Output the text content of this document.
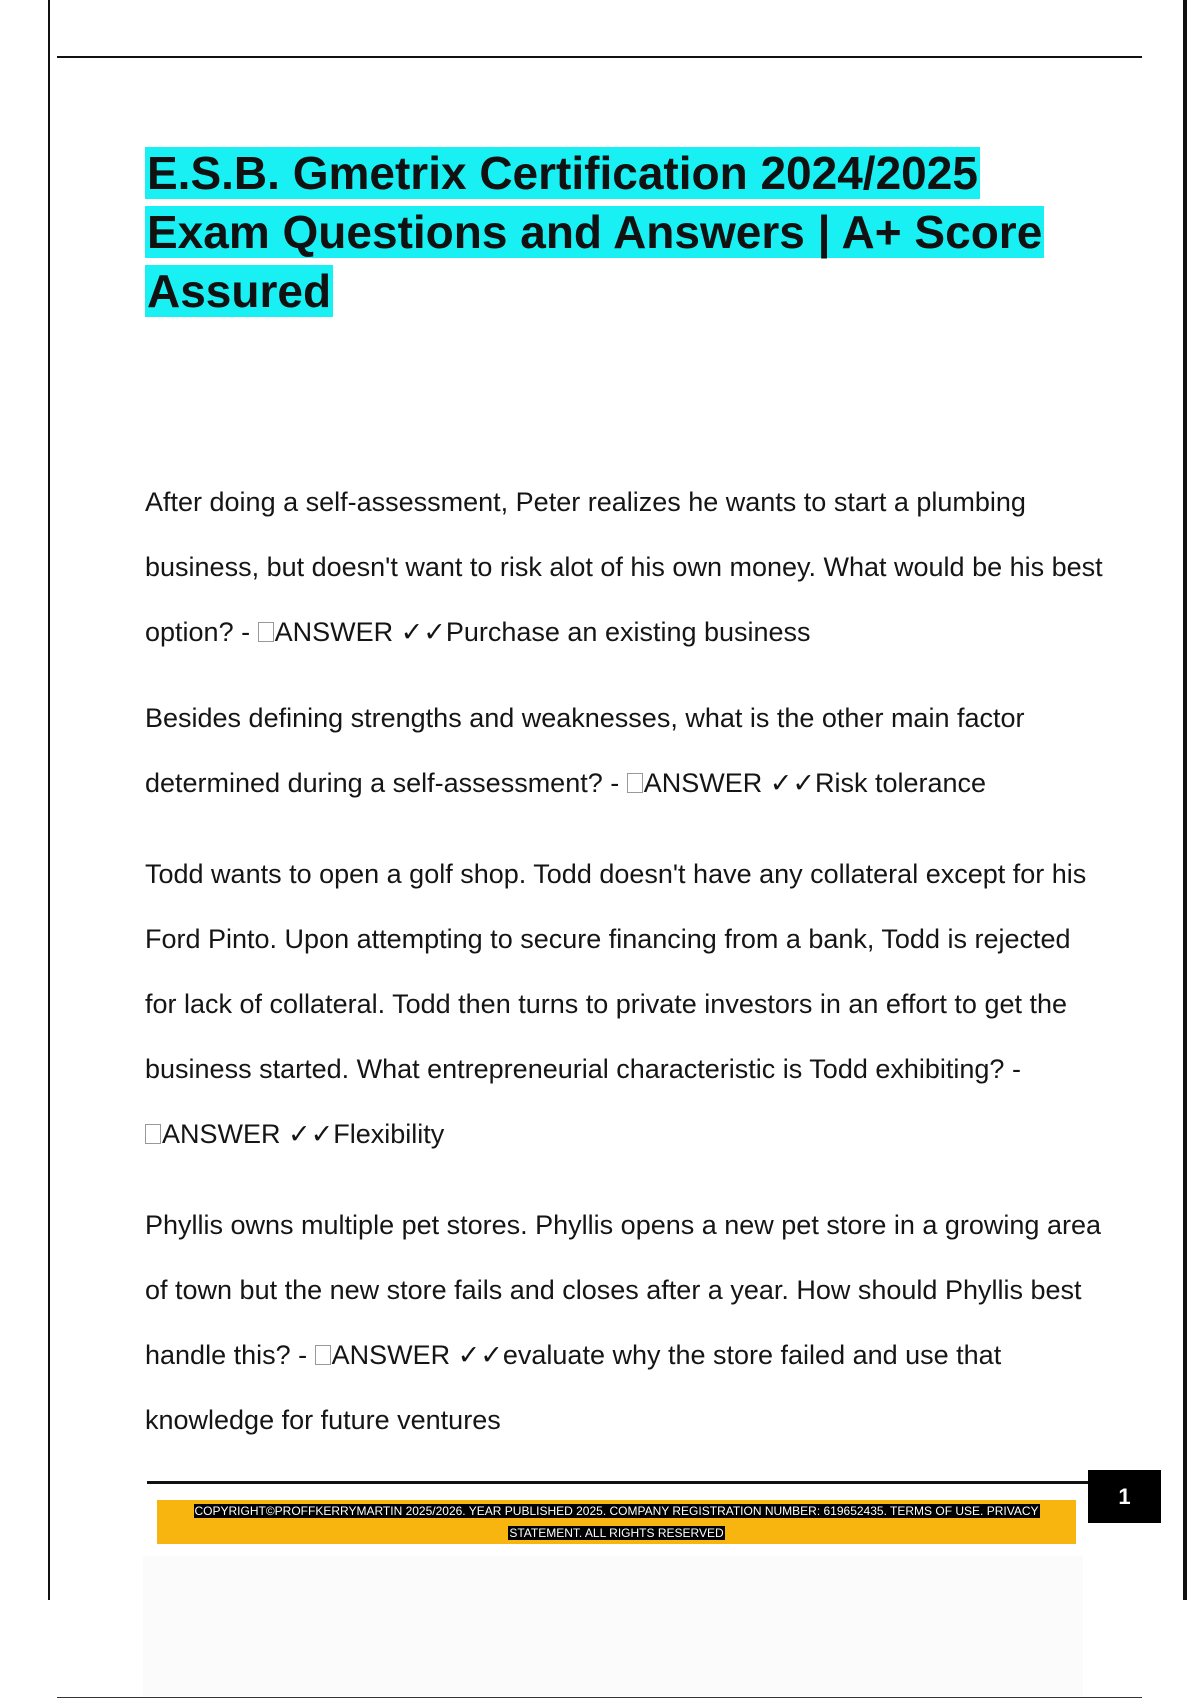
E.S.B. Gmetrix Certification 2024/2025 Exam Questions and Answers | A+ Score Assured

After doing a self-assessment, Peter realizes he wants to start a plumbing business, but doesn't want to risk alot of his own money. What would be his best option? - ANSWER ✓✓Purchase an existing business

Besides defining strengths and weaknesses, what is the other main factor determined during a self-assessment? - ANSWER ✓✓Risk tolerance

Todd wants to open a golf shop. Todd doesn't have any collateral except for his Ford Pinto. Upon attempting to secure financing from a bank, Todd is rejected for lack of collateral. Todd then turns to private investors in an effort to get the business started. What entrepreneurial characteristic is Todd exhibiting? - ANSWER ✓✓Flexibility

Phyllis owns multiple pet stores. Phyllis opens a new pet store in a growing area of town but the new store fails and closes after a year. How should Phyllis best handle this? - ANSWER ✓✓evaluate why the store failed and use that knowledge for future ventures

1
COPYRIGHT©PROFFKERRYMARTIN 2025/2026. YEAR PUBLISHED 2025. COMPANY REGISTRATION NUMBER: 619652435. TERMS OF USE. PRIVACY STATEMENT. ALL RIGHTS RESERVED
